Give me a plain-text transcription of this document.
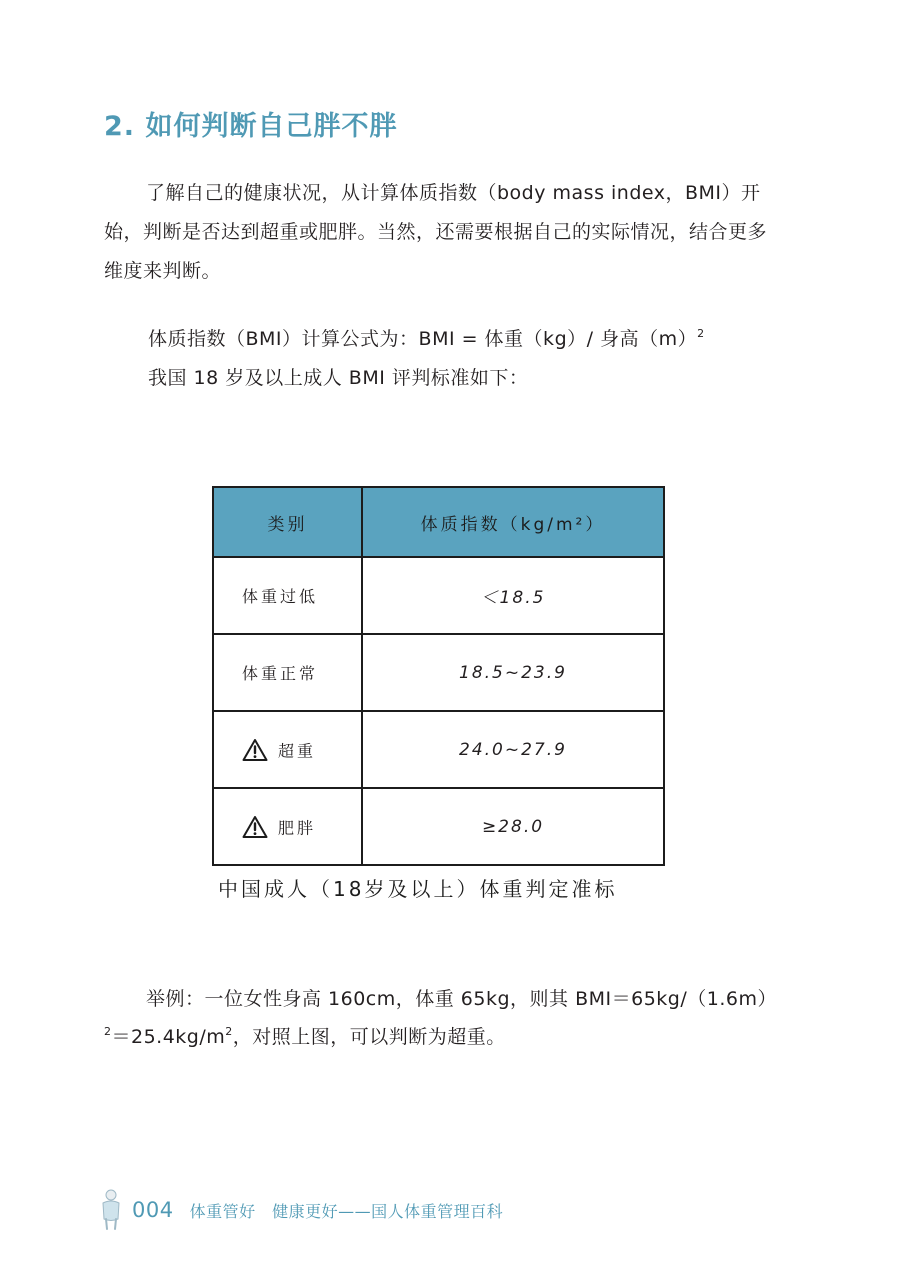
2. 如何判断自己胖不胖
了解自己的健康状况，从计算体质指数（body mass index，BMI）开始，判断是否达到超重或肥胖。当然，还需要根据自己的实际情况，结合更多维度来判断。
体质指数（BMI）计算公式为：BMI = 体重（kg）/ 身高$(m)^2$
我国 18 岁及以上成人 BMI 评判标准如下：
类别	体质指数（kg/m²）
体重过低	＜18.5
体重正常	18.5~23.9
超重	24.0~27.9
肥胖	≥28.0
中国成人（18岁及以上）体重判定准标
举例：一位女性身高 160cm，体重 65kg，则其 $BMI=65kg/(1.6m)^2=25.4kg/m^2$，对照上图，可以判断为超重。
004 体重管好　健康更好——国人体重管理百科
